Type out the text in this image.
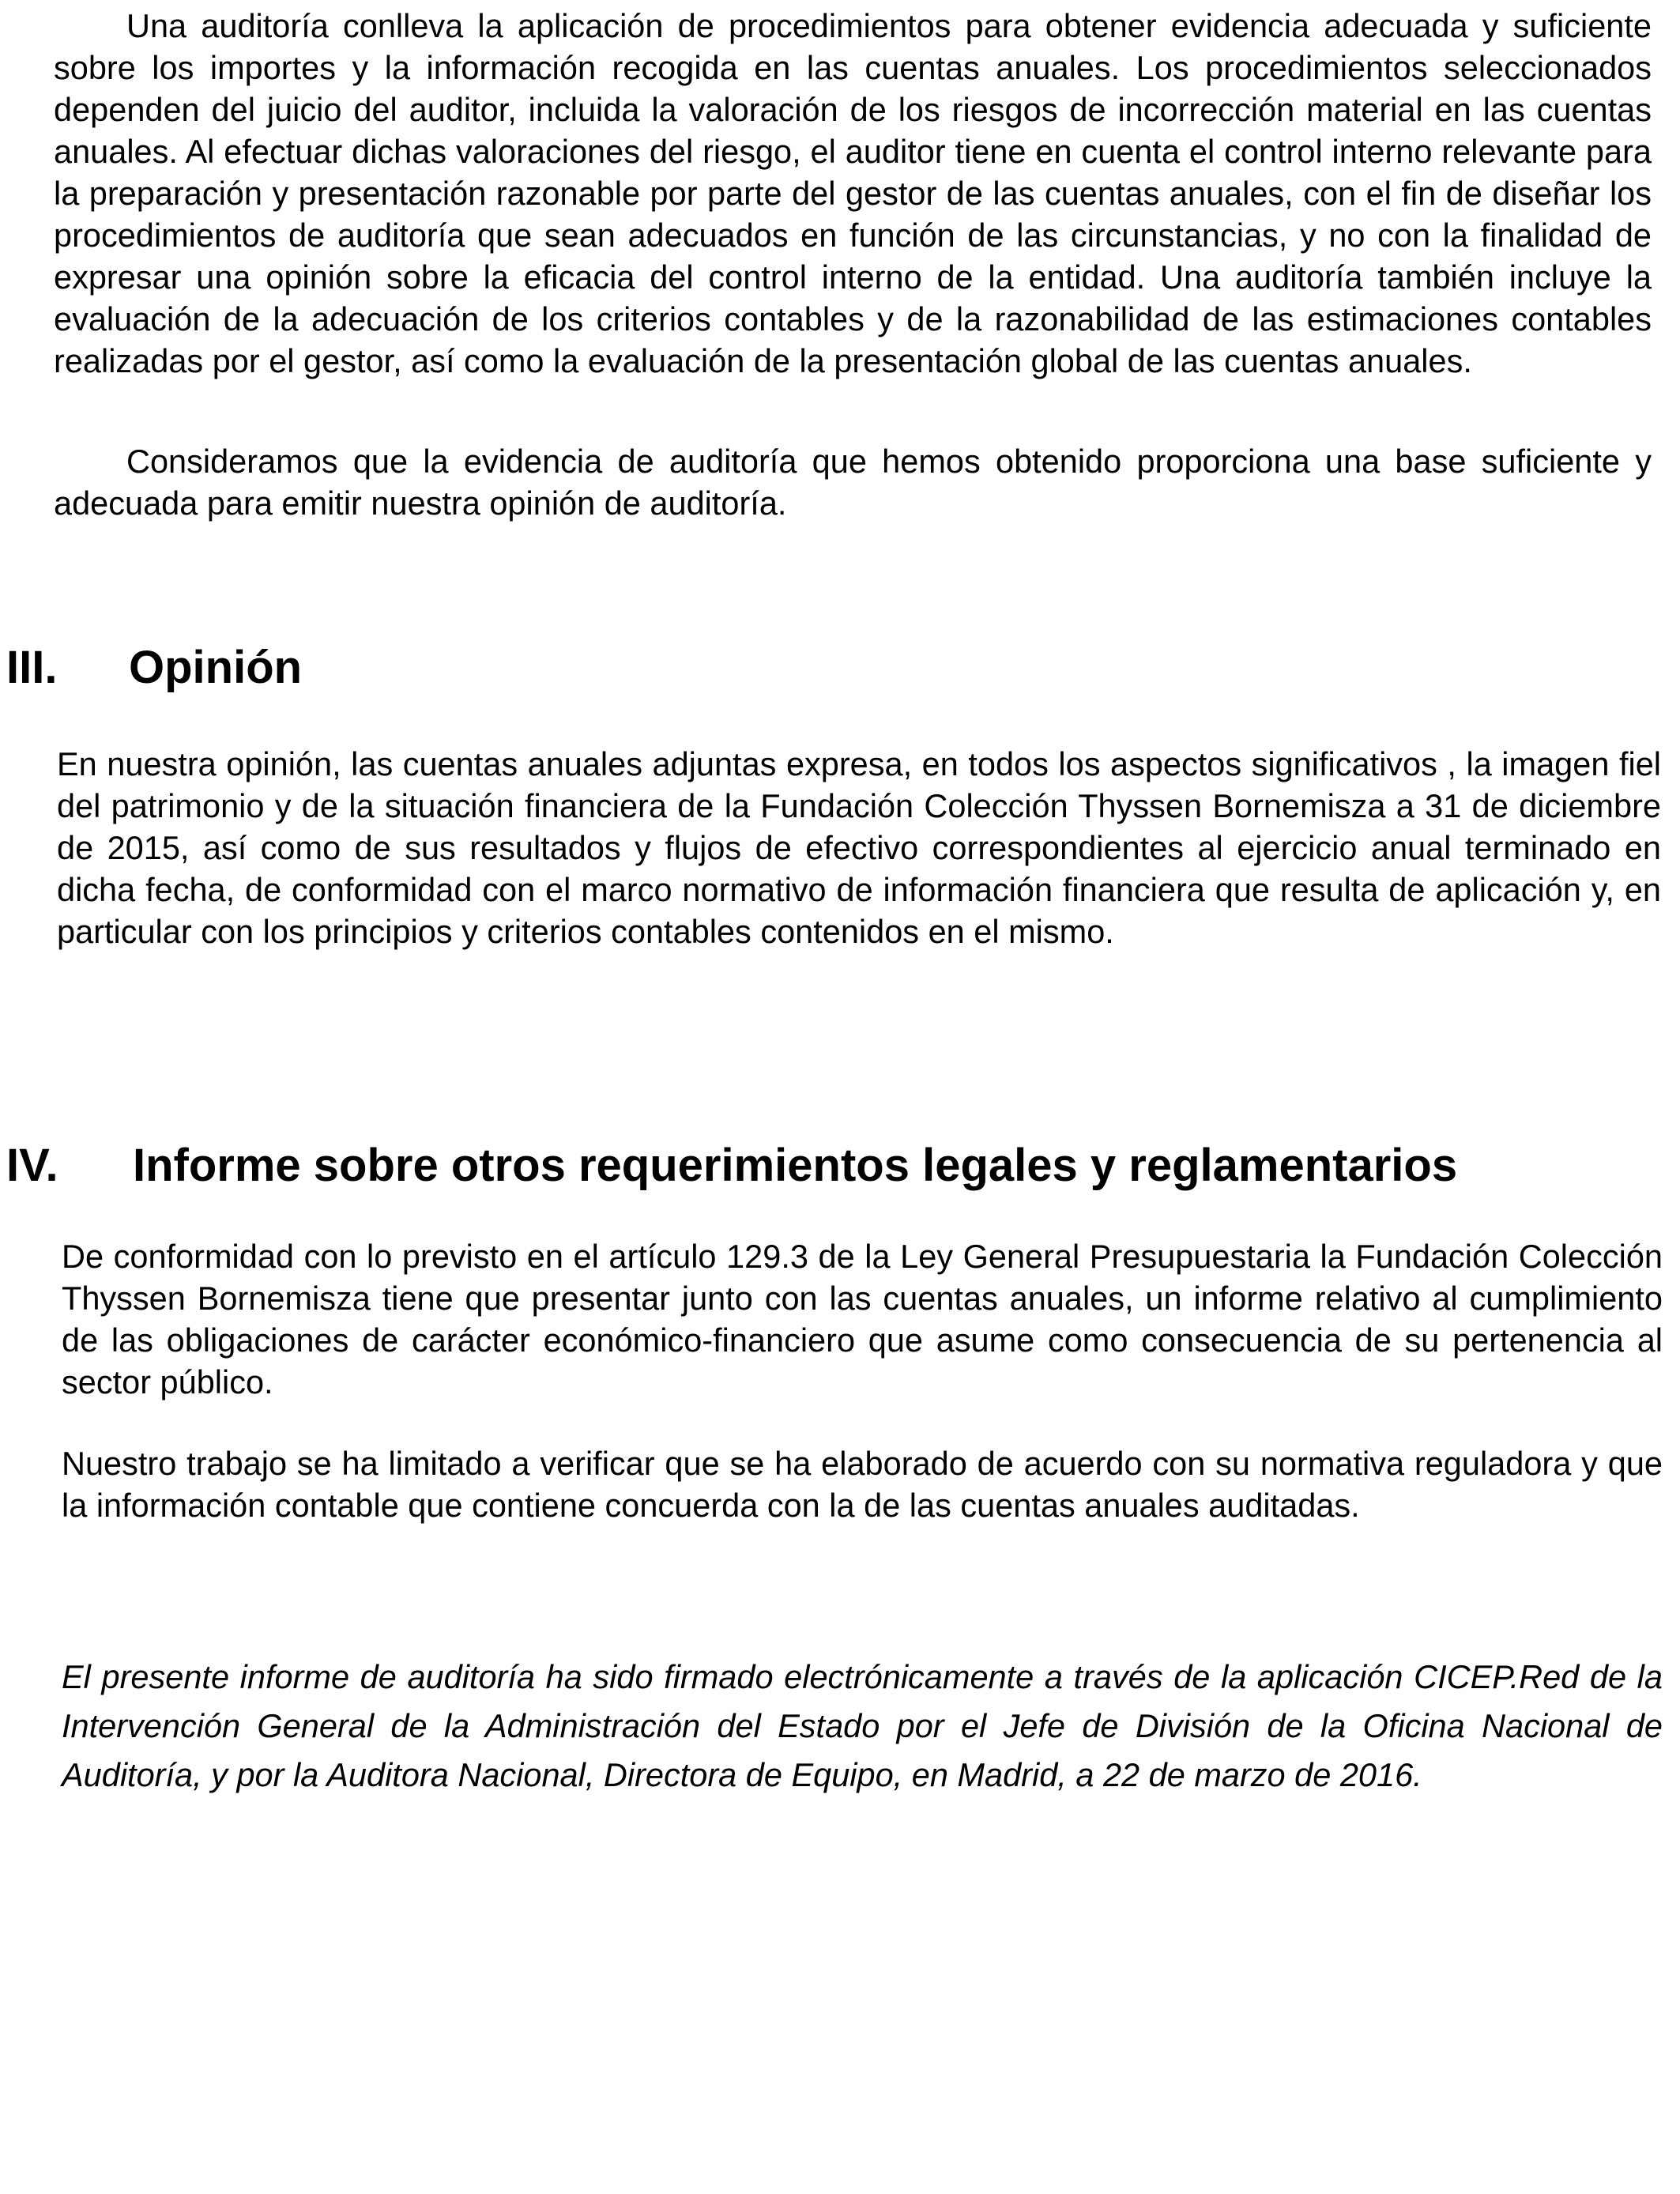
Una auditoría conlleva la aplicación de procedimientos para obtener evidencia adecuada y suficiente sobre los importes y la información recogida en las cuentas anuales. Los procedimientos seleccionados dependen del juicio del auditor, incluida la valoración de los riesgos de incorrección material en las cuentas anuales. Al efectuar dichas valoraciones del riesgo, el auditor tiene en cuenta el control interno relevante para la preparación y presentación razonable por parte del gestor de las cuentas anuales, con el fin de diseñar los procedimientos de auditoría que sean adecuados en función de las circunstancias, y no con la finalidad de expresar una opinión sobre la eficacia del control interno de la entidad. Una auditoría también incluye la evaluación de la adecuación de los criterios contables y de la razonabilidad de las estimaciones contables realizadas por el gestor, así como la evaluación de la presentación global de las cuentas anuales.

Consideramos que la evidencia de auditoría que hemos obtenido proporciona una base suficiente y adecuada para emitir nuestra opinión de auditoría.

III. Opinión

En nuestra opinión, las cuentas anuales adjuntas expresa, en todos los aspectos significativos , la imagen fiel del patrimonio y de la situación financiera de la Fundación Colección Thyssen Bornemisza a 31 de diciembre de 2015, así como de sus resultados y flujos de efectivo correspondientes al ejercicio anual terminado en dicha fecha, de conformidad con el marco normativo de información financiera que resulta de aplicación y, en particular con los principios y criterios contables contenidos en el mismo.

IV. Informe sobre otros requerimientos legales y reglamentarios

De conformidad con lo previsto en el artículo 129.3 de la Ley General Presupuestaria la Fundación Colección Thyssen Bornemisza tiene que presentar junto con las cuentas anuales, un informe relativo al cumplimiento de las obligaciones de carácter económico-financiero que asume como consecuencia de su pertenencia al sector público.

Nuestro trabajo se ha limitado a verificar que se ha elaborado de acuerdo con su normativa reguladora y que la información contable que contiene concuerda con la de las cuentas anuales auditadas.

El presente informe de auditoría ha sido firmado electrónicamente a través de la aplicación CICEP.Red de la Intervención General de la Administración del Estado por el Jefe de División de la Oficina Nacional de Auditoría, y por la Auditora Nacional, Directora de Equipo, en Madrid, a 22 de marzo de 2016.
